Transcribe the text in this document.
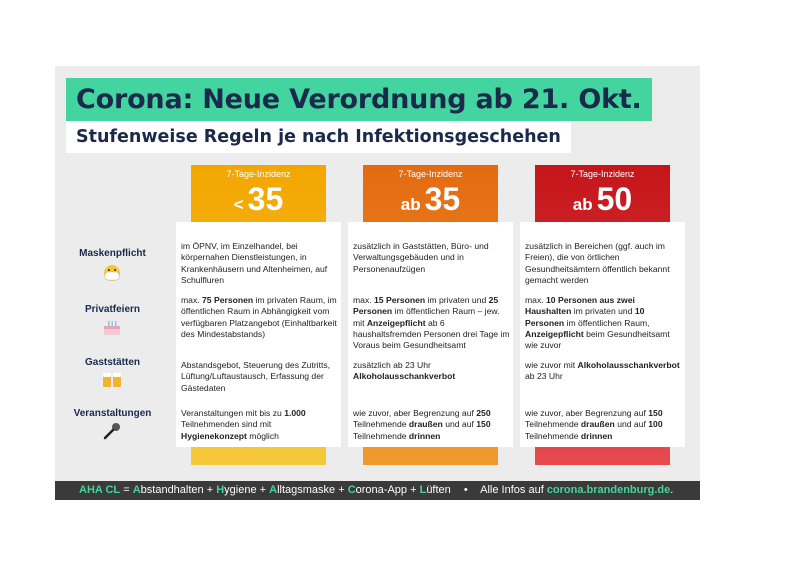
Corona: Neue Verordnung ab 21. Okt.
Stufenweise Regeln je nach Infektionsgeschehen
Maskenpflicht
Privatfeiern
Gaststätten
Veranstaltungen
7-Tage-Inzidenz
< 35
im ÖPNV, im Einzelhandel, bei körpernahen Dienstleistungen, in Krankenhäusern und Altenheimen, auf Schulfluren
max. 75 Personen im privaten Raum, im öffentlichen Raum in Abhängigkeit vom verfügbaren Platzangebot (Einhaltbarkeit des Mindestabstands)
Abstandsgebot, Steuerung des Zutritts, Lüftung/Luftaustausch, Erfassung der Gästedaten
Veranstaltungen mit bis zu 1.000 Teilnehmenden sind mit Hygienekonzept möglich
7-Tage-Inzidenz
ab 35
zusätzlich in Gaststätten, Büro- und Verwaltungsgebäuden und in Personenaufzügen
max. 15 Personen im privaten und 25 Personen im öffentlichen Raum – jew. mit Anzeigepflicht ab 6 haushaltsfremden Personen drei Tage im Voraus beim Gesundheitsamt
zusätzlich ab 23 Uhr Alkoholausschankverbot
wie zuvor, aber Begrenzung auf 250 Teilnehmende draußen und auf 150 Teilnehmende drinnen
7-Tage-Inzidenz
ab 50
zusätzlich in Bereichen (ggf. auch im Freien), die von örtlichen Gesundheitsämtern öffentlich bekannt gemacht werden
max. 10 Personen aus zwei Haushalten im privaten und 10 Personen im öffentlichen Raum, Anzeigepflicht beim Gesundheitsamt wie zuvor
wie zuvor mit Alkoholausschankverbot ab 23 Uhr
wie zuvor, aber Begrenzung auf 150 Teilnehmende draußen und auf 100 Teilnehmende drinnen
AHA CL = Abstandhalten + Hygiene + Alltagsmaske + Corona-App + Lüften • Alle Infos auf corona.brandenburg.de.
